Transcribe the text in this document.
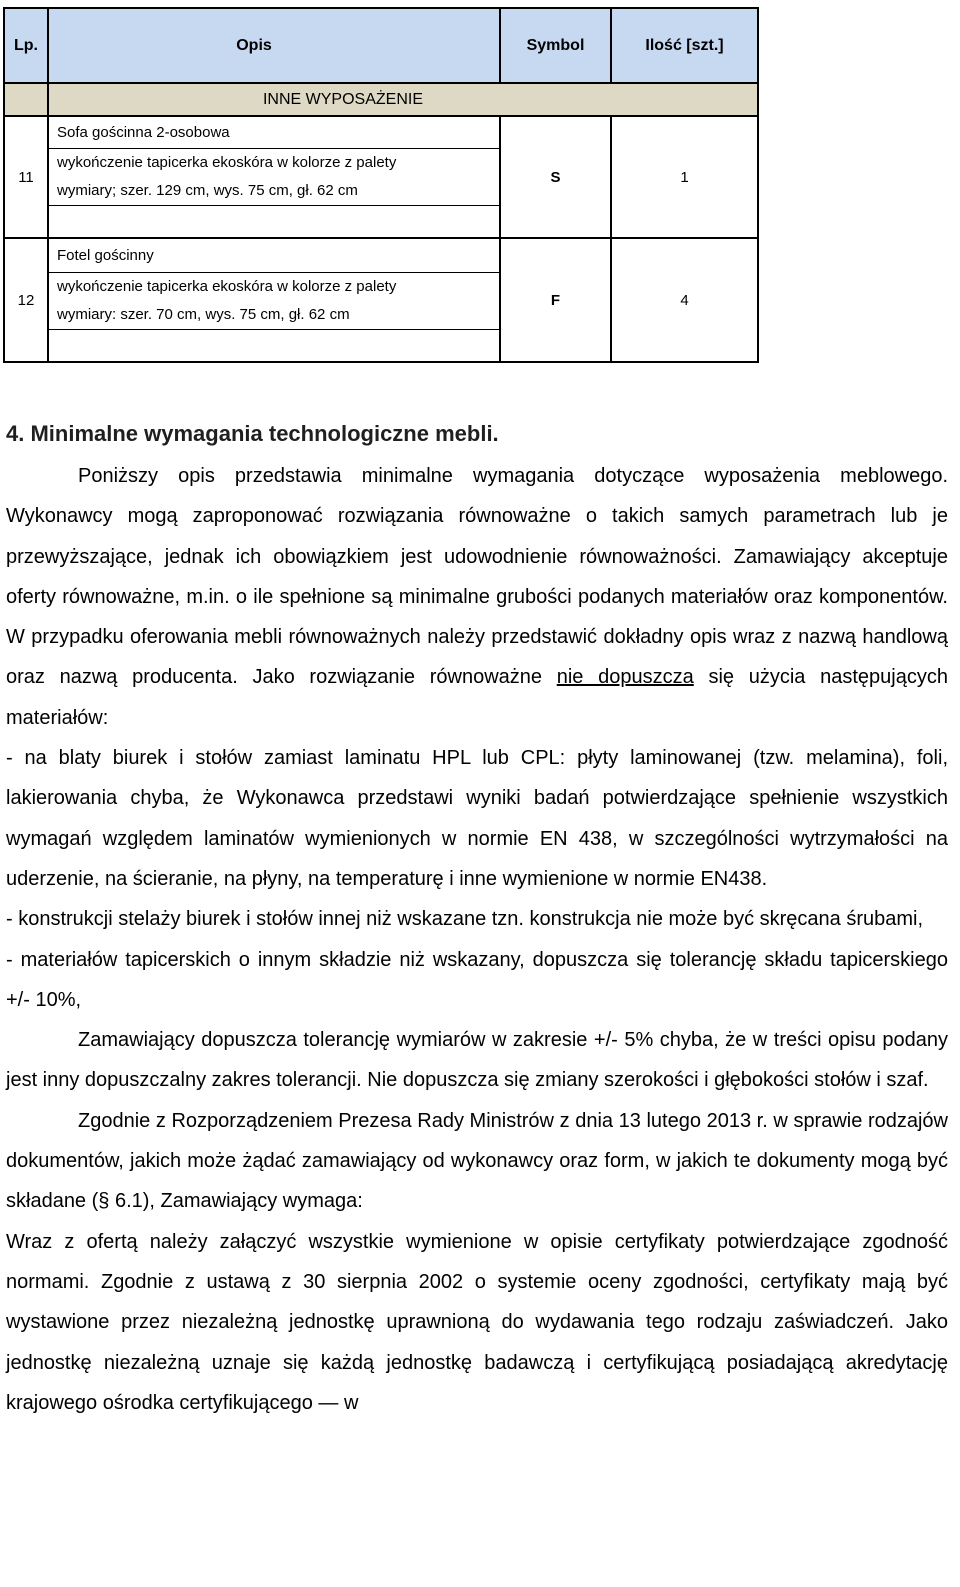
Lp.	Opis	Symbol	Ilość [szt.]
	INNE WYPOSAŻENIE		
11	Sofa gościnna 2-osobowa
wykończenie tapicerka ekoskóra w kolorze z palety
wymiary; szer. 129 cm, wys. 75 cm, gł. 62 cm	S	1
12	Fotel gościnny
wykończenie tapicerka ekoskóra w kolorze z palety
wymiary: szer. 70 cm, wys. 75 cm, gł. 62 cm	F	4
4. Minimalne wymagania technologiczne mebli.

Poniższy opis przedstawia minimalne wymagania dotyczące wyposażenia meblowego. Wykonawcy mogą zaproponować rozwiązania równoważne o takich samych parametrach lub je przewyższające, jednak ich obowiązkiem jest udowodnienie równoważności. Zamawiający akceptuje oferty równoważne, m.in. o ile spełnione są minimalne grubości podanych materiałów oraz komponentów. W przypadku oferowania mebli równoważnych należy przedstawić dokładny opis wraz z nazwą handlową oraz nazwą producenta. Jako rozwiązanie równoważne nie dopuszcza się użycia następujących materiałów:

- na blaty biurek i stołów zamiast laminatu HPL lub CPL: płyty laminowanej (tzw. melamina), foli, lakierowania chyba, że Wykonawca przedstawi wyniki badań potwierdzające spełnienie wszystkich wymagań względem laminatów wymienionych w normie EN 438, w szczególności wytrzymałości na uderzenie, na ścieranie, na płyny, na temperaturę i inne wymienione w normie EN438.

- konstrukcji stelaży biurek i stołów innej niż wskazane tzn. konstrukcja nie może być skręcana śrubami,

- materiałów tapicerskich o innym składzie niż wskazany, dopuszcza się tolerancję składu tapicerskiego +/- 10%,

Zamawiający dopuszcza tolerancję wymiarów w zakresie +/- 5% chyba, że w treści opisu podany jest inny dopuszczalny zakres tolerancji. Nie dopuszcza się zmiany szerokości i głębokości stołów i szaf.

Zgodnie z Rozporządzeniem Prezesa Rady Ministrów z dnia 13 lutego 2013 r. w sprawie rodzajów dokumentów, jakich może żądać zamawiający od wykonawcy oraz form, w jakich te dokumenty mogą być składane (§ 6.1), Zamawiający wymaga:

Wraz z ofertą należy załączyć wszystkie wymienione w opisie certyfikaty potwierdzające zgodność normami. Zgodnie z ustawą z 30 sierpnia 2002 o systemie oceny zgodności, certyfikaty mają być wystawione przez niezależną jednostkę uprawnioną do wydawania tego rodzaju zaświadczeń. Jako jednostkę niezależną uznaje się każdą jednostkę badawczą i certyfikującą posiadającą akredytację krajowego ośrodka certyfikującego — w
